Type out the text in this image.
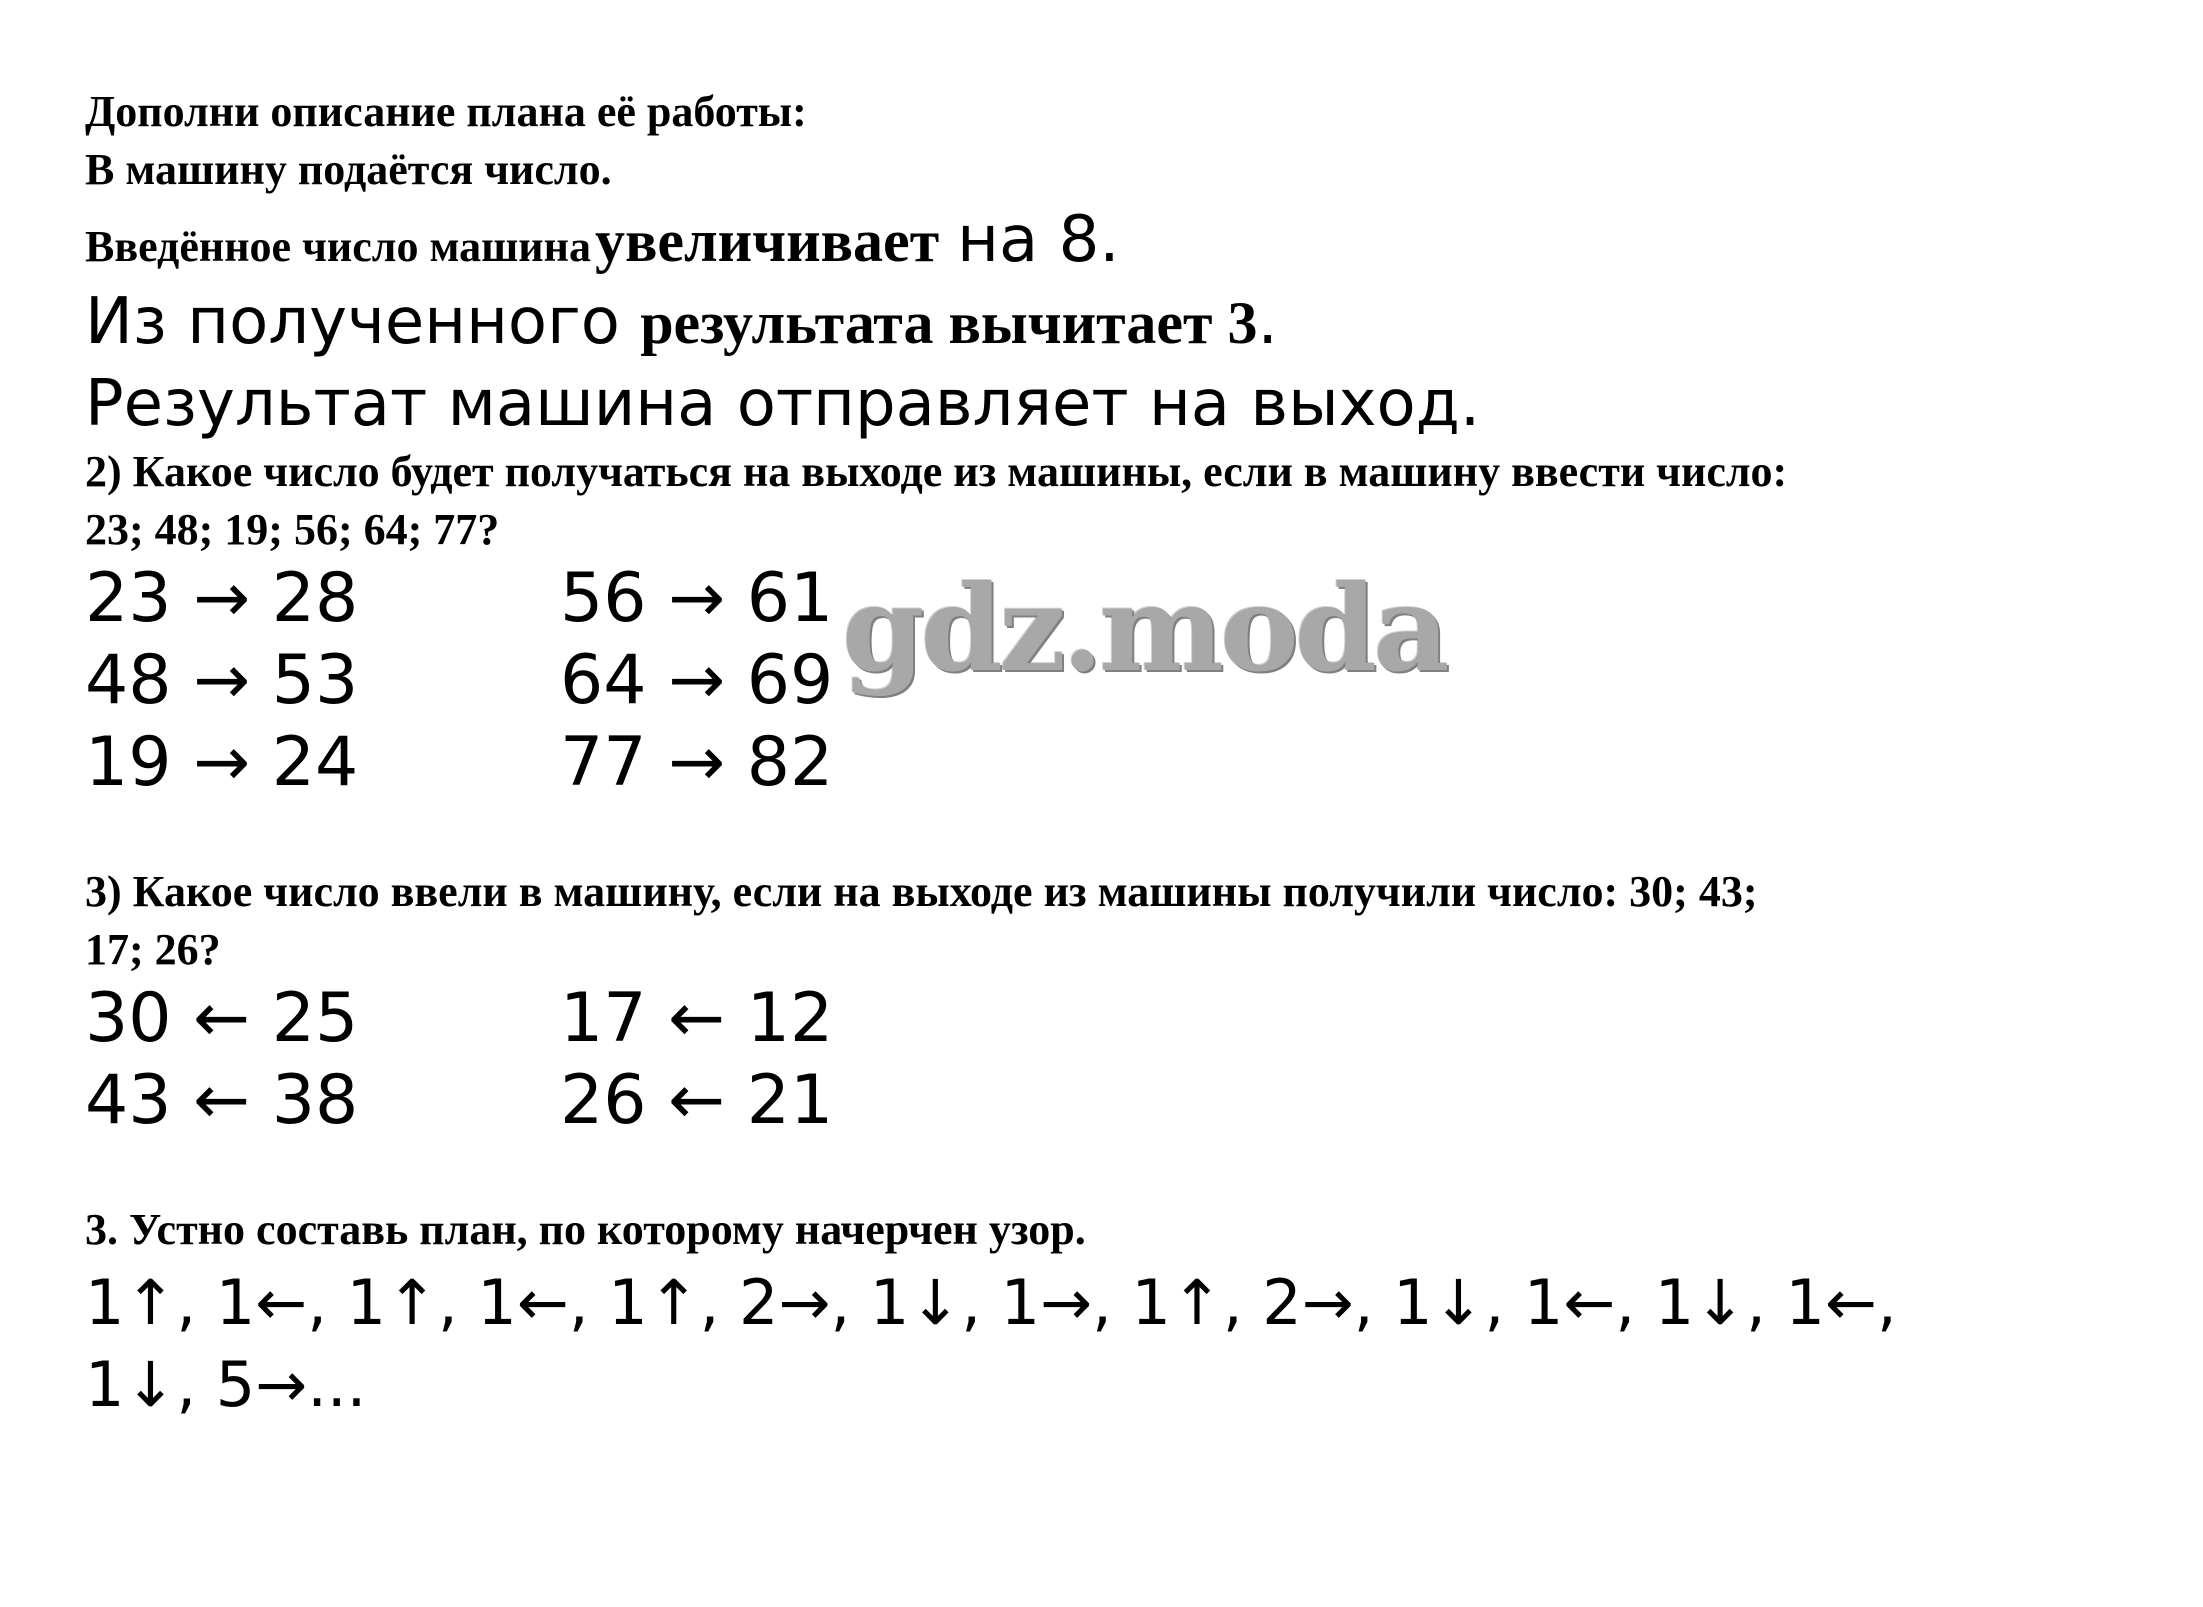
Дополни описание плана её работы:
В машину подаётся число.
Введённое число машина увеличивает на 8.
Из полученного результата вычитает 3.
Результат машина отправляет на выход.
2) Какое число будет получаться на выходе из машины, если в машину ввести число:
23; 48; 19; 56; 64; 77?
23 → 28
48 → 53
19 → 24
56 → 61
64 → 69
77 → 82
gdz.moda
3) Какое число ввели в машину, если на выходе из машины получили число: 30; 43;
17; 26?
30 ← 25
43 ← 38
17 ← 12
26 ← 21
3. Устно составь план, по которому начерчен узор.
1↑, 1←, 1↑, 1←, 1↑, 2→, 1↓, 1→, 1↑, 2→, 1↓, 1←, 1↓, 1←,
1↓, 5→...
